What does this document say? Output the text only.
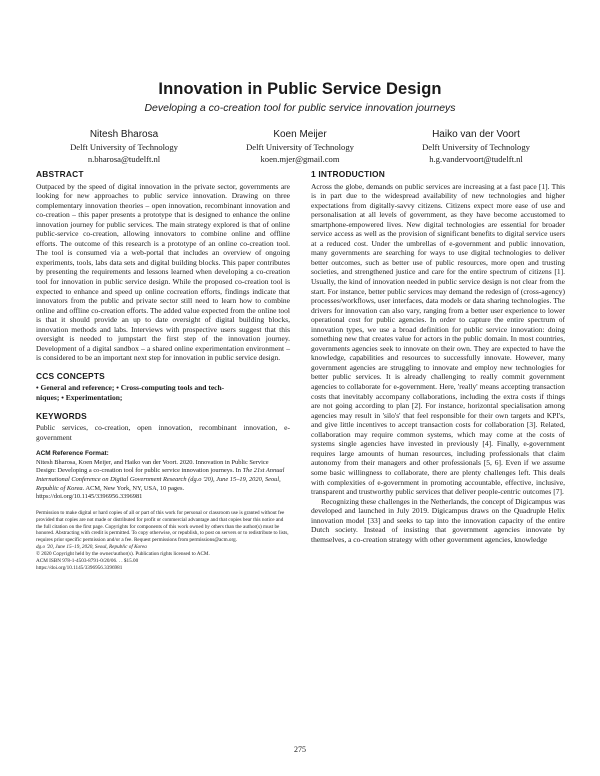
Innovation in Public Service Design
Developing a co-creation tool for public service innovation journeys
Nitesh Bharosa
Delft University of Technology
n.bharosa@tudelft.nl
Koen Meijer
Delft University of Technology
koen.mjer@gmail.com
Haiko van der Voort
Delft University of Technology
h.g.vandervoort@tudelft.nl
ABSTRACT

Outpaced by the speed of digital innovation in the private sector, governments are looking for new approaches to public service innovation. Drawing on three complementary innovation theories – open innovation, recombinant innovation and co-creation – this paper presents a prototype that is designed to enhance the online innovation journey for public services. The main strategy explored is that of online public-service co-creation, allowing innovators to combine online and offline efforts. The outcome of this research is a prototype of an online co-creation tool. The tool is consumed via a web-portal that includes an overview of ongoing experiments, tools, labs data sets and digital building blocks. This paper contributes by presenting the requirements and lessons learned when developing a co-creation tool for innovation in public service design. While the proposed co-creation tool is expected to enhance and speed up online cocreation efforts, findings indicate that innovators from the public and private sector still need to learn how to combine online and offline co-creation efforts. The added value expected from the online tool is that it should provide an up to date oversight of digital building blocks, innovation methods and labs. Interviews with prospective users suggest that this oversight is needed to jumpstart the first step of the innovation journey. Development of a digital sandbox – a shared online experimentation environment – is considered to be an important next step for innovation in public service design.

CCS CONCEPTS

• General and reference; • Cross-computing tools and tech-
niques; • Experimentation;

KEYWORDS

Public services, co-creation, open innovation, recombinant innovation, e-government

ACM Reference Format:

Nitesh Bharosa, Koen Meijer, and Haiko van der Voort. 2020. Innovation in Public Service Design: Developing a co-creation tool for public service innovation journeys. In The 21st Annual International Conference on Digital Government Research (dg.o '20), June 15–19, 2020, Seoul, Republic of Korea. ACM, New York, NY, USA, 10 pages. https://doi.org/10.1145/3396956.3396981

Permission to make digital or hard copies of all or part of this work for personal or classroom use is granted without fee provided that copies are not made or distributed for profit or commercial advantage and that copies bear this notice and the full citation on the first page. Copyrights for components of this work owned by others than the author(s) must be honored. Abstracting with credit is permitted. To copy otherwise, or republish, to post on servers or to redistribute to lists, requires prior specific permission and/or a fee. Request permissions from permissions@acm.org.
dg.o '20, June 15–19, 2020, Seoul, Republic of Korea
© 2020 Copyright held by the owner/author(s). Publication rights licensed to ACM.
ACM ISBN 978-1-4503-8791-0/20/06. . . $15.00
https://doi.org/10.1145/3396956.3396981
1 INTRODUCTION

Across the globe, demands on public services are increasing at a fast pace [1]. This is in part due to the widespread availability of new technologies and higher expectations from digitally-savvy citizens. Citizens expect more ease of use and personalisation at all levels of government, as they have become accustomed to smartphone-empowered lives. New digital technologies are essential for broader service access as well as the provision of significant benefits to digital service users at a reduced cost. Under the umbrellas of e-government and public innovation, many governments are searching for ways to use digital technologies to deliver better outcomes, such as better use of public resources, more open and trusting societies, and strengthened justice and care for the entire spectrum of citizens [1]. Usually, the kind of innovation needed in public service design is not clear from the start. For instance, better public services may demand the redesign of (cross-agency) processes/workflows, user interfaces, data models or data sharing technologies. The drivers for innovation can also vary, ranging from a better user experience to lower operational cost for public agencies. In order to capture the entire spectrum of innovation types, we use a broad definition for public service innovation: doing something new that creates value for actors in the public domain. In most countries, governments agencies seek to innovate on their own. They are expected to have the knowledge, capabilities and resources to successfully innovate. However, many government agencies are struggling to innovate and employ new technologies for better public services. It is already challenging to really commit government agencies to collaborate for e-government. Here, 'really' means accepting transaction costs that inevitably accompany collaborations, including the extra costs if things are not going according to plan [2]. For instance, horizontal specialisation among agencies may result in 'silo's' that feel responsible for their own targets and KPI's, and give little incentives to accept transaction costs for collaboration [3]. Related, collaboration may require common systems, which may come at the costs of systems single agencies have invested in previously [4]. Finally, e-government requires large amounts of human resources, including professionals that claim autonomy from their managers and other professionals [5, 6]. Even if we assume some basic willingness to collaborate, there are plenty challenges left. This deals with complexities of e-government in promoting accountable, effective, inclusive, transparent and trustworthy public services that deliver people-centric outcomes [7].

Recognizing these challenges in the Netherlands, the concept of Digicampus was developed and launched in July 2019. Digicampus draws on the Quadruple Helix innovation model [33] and seeks to tap into the innovation capacity of the entire Dutch society. Instead of insisting that government agencies innovate by themselves, a co-creation strategy with other government agencies, knowledge

275
